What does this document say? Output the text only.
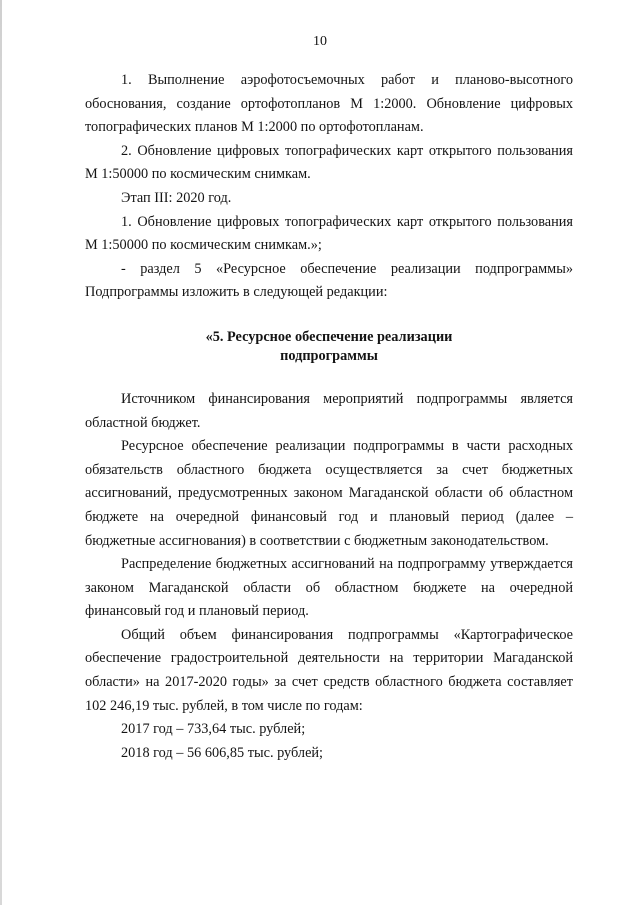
10

1. Выполнение аэрофотосъемочных работ и планово-высотного обоснования, создание ортофотопланов М 1:2000. Обновление цифровых топографических планов М 1:2000 по ортофотопланам.

2. Обновление цифровых топографических карт открытого пользования М 1:50000 по космическим снимкам.

Этап III: 2020 год.

1. Обновление цифровых топографических карт открытого пользования М 1:50000 по космическим снимкам.»;

- раздел 5 «Ресурсное обеспечение реализации подпрограммы» Подпрограммы изложить в следующей редакции:

«5. Ресурсное обеспечение реализации
подпрограммы

Источником финансирования мероприятий подпрограммы является областной бюджет.

Ресурсное обеспечение реализации подпрограммы в части расходных обязательств областного бюджета осуществляется за счет бюджетных ассигнований, предусмотренных законом Магаданской области об областном бюджете на очередной финансовый год и плановый период (далее – бюджетные ассигнования) в соответствии с бюджетным законодательством.

Распределение бюджетных ассигнований на подпрограмму утверждается законом Магаданской области об областном бюджете на очередной финансовый год и плановый период.

Общий объем финансирования подпрограммы «Картографическое обеспечение градостроительной деятельности на территории Магаданской области» на 2017-2020 годы» за счет средств областного бюджета составляет 102 246,19 тыс. рублей, в том числе по годам:

2017 год – 733,64 тыс. рублей;

2018 год – 56 606,85 тыс. рублей;
